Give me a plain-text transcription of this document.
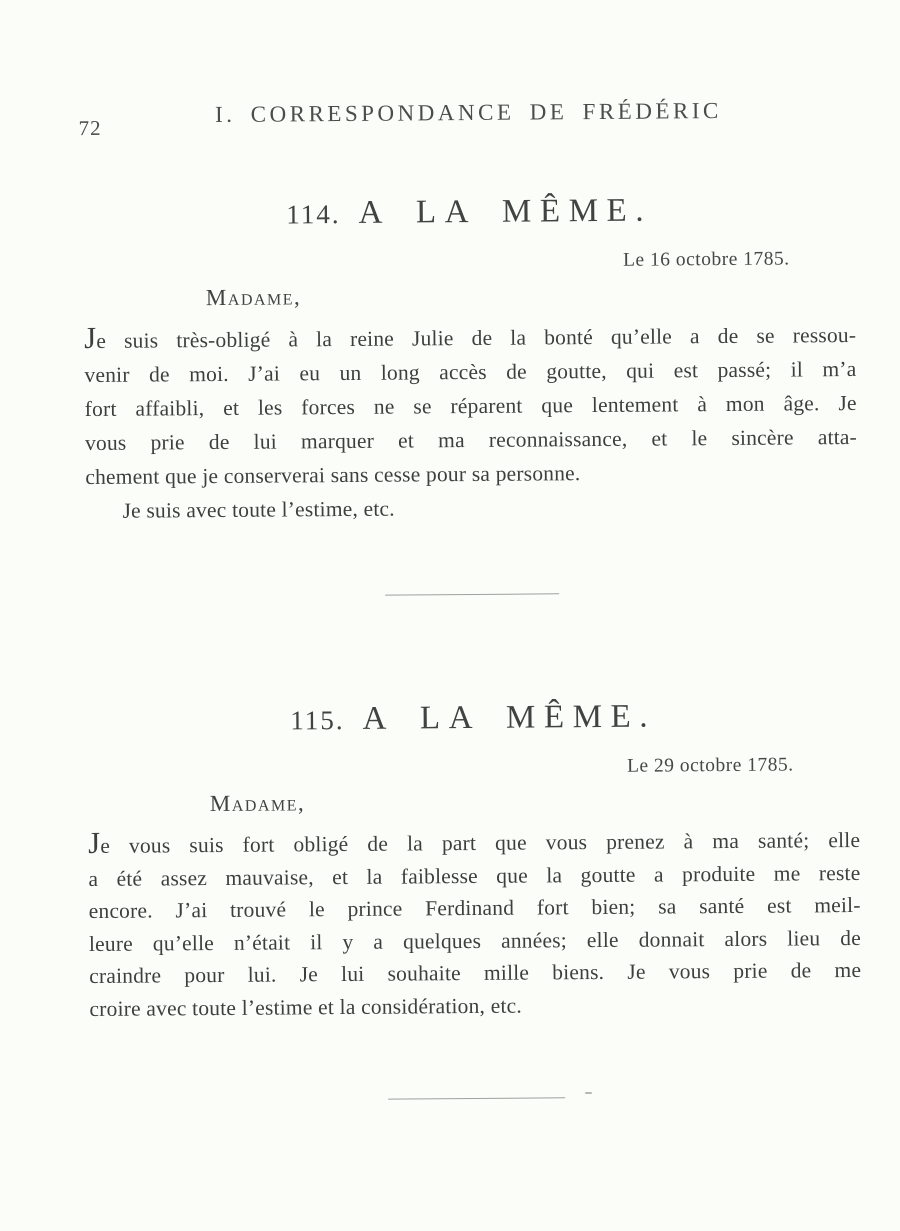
72
I. CORRESPONDANCE DE FRÉDÉRIC
114. A LA MÊME.
Le 16 octobre 1785.
Madame,
Je suis très-obligé à la reine Julie de la bonté qu’elle a de se ressou-
venir de moi. J’ai eu un long accès de goutte, qui est passé; il m’a
fort affaibli, et les forces ne se réparent que lentement à mon âge. Je
vous prie de lui marquer et ma reconnaissance, et le sincère atta-
chement que je conserverai sans cesse pour sa personne.
Je suis avec toute l’estime, etc.
115. A LA MÊME.
Le 29 octobre 1785.
Madame,
Je vous suis fort obligé de la part que vous prenez à ma santé; elle
a été assez mauvaise, et la faiblesse que la goutte a produite me reste
encore. J’ai trouvé le prince Ferdinand fort bien; sa santé est meil-
leure qu’elle n’était il y a quelques années; elle donnait alors lieu de
craindre pour lui. Je lui souhaite mille biens. Je vous prie de me
croire avec toute l’estime et la considération, etc.
